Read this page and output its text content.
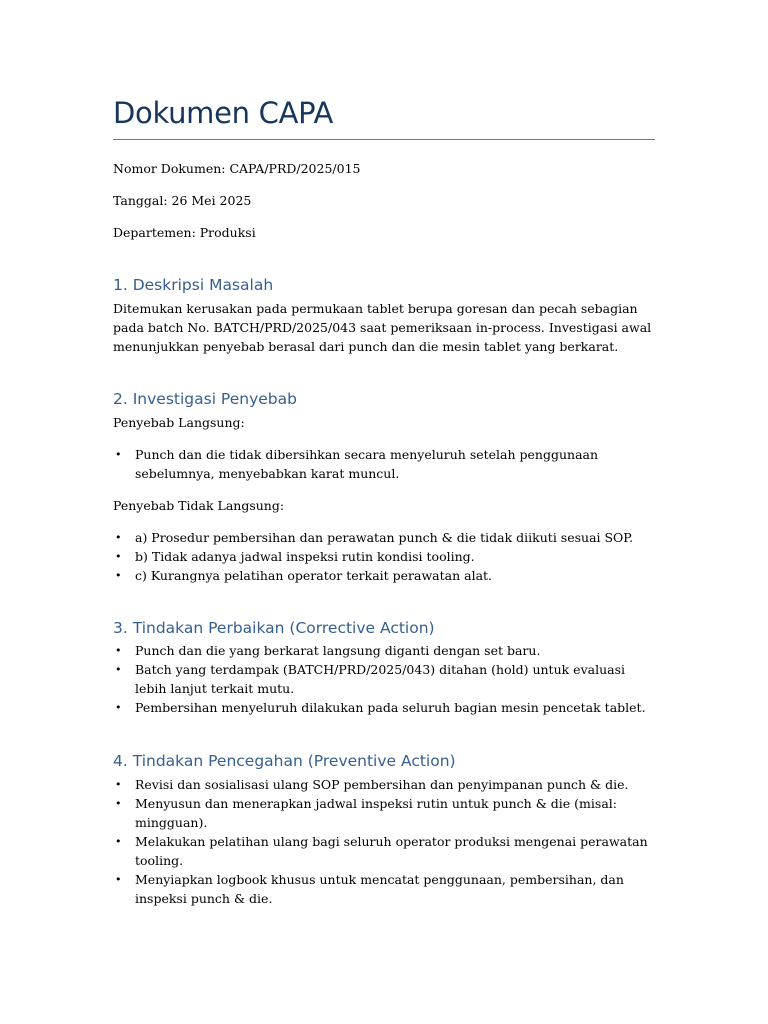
Dokumen CAPA

Nomor Dokumen: CAPA/PRD/2025/015

Tanggal: 26 Mei 2025

Departemen: Produksi

1. Deskripsi Masalah

Ditemukan kerusakan pada permukaan tablet berupa goresan dan pecah sebagian pada batch No. BATCH/PRD/2025/043 saat pemeriksaan in-process. Investigasi awal menunjukkan penyebab berasal dari punch dan die mesin tablet yang berkarat.

2. Investigasi Penyebab

Penyebab Langsung:

• Punch dan die tidak dibersihkan secara menyeluruh setelah penggunaan sebelumnya, menyebabkan karat muncul.

Penyebab Tidak Langsung:

• a) Prosedur pembersihan dan perawatan punch & die tidak diikuti sesuai SOP.
• b) Tidak adanya jadwal inspeksi rutin kondisi tooling.
• c) Kurangnya pelatihan operator terkait perawatan alat.
3. Tindakan Perbaikan (Corrective Action)
• Punch dan die yang berkarat langsung diganti dengan set baru.
• Batch yang terdampak (BATCH/PRD/2025/043) ditahan (hold) untuk evaluasi lebih lanjut terkait mutu.
• Pembersihan menyeluruh dilakukan pada seluruh bagian mesin pencetak tablet.
4. Tindakan Pencegahan (Preventive Action)
• Revisi dan sosialisasi ulang SOP pembersihan dan penyimpanan punch & die.
• Menyusun dan menerapkan jadwal inspeksi rutin untuk punch & die (misal: mingguan).
• Melakukan pelatihan ulang bagi seluruh operator produksi mengenai perawatan tooling.
• Menyiapkan logbook khusus untuk mencatat penggunaan, pembersihan, dan inspeksi punch & die.
